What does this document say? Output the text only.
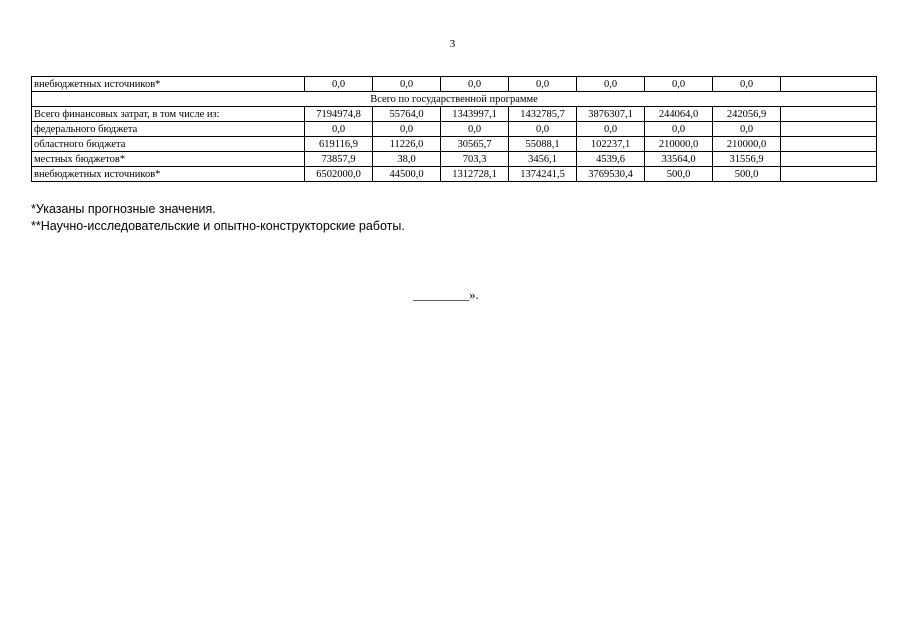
3
внебюджетных источников*	0,0	0,0	0,0	0,0	0,0	0,0	0,0	
Всего по государственной программе								
Всего финансовых затрат, в том числе из:	7194974,8	55764,0	1343997,1	1432785,7	3876307,1	244064,0	242056,9	
федерального бюджета	0,0	0,0	0,0	0,0	0,0	0,0	0,0	
областного бюджета	619116,9	11226,0	30565,7	55088,1	102237,1	210000,0	210000,0	
местных бюджетов*	73857,9	38,0	703,3	3456,1	4539,6	33564,0	31556,9	
внебюджетных источников*	6502000,0	44500,0	1312728,1	1374241,5	3769530,4	500,0	500,0	
*Указаны прогнозные значения.
**Научно-исследовательские и опытно-конструкторские работы.
_________».
